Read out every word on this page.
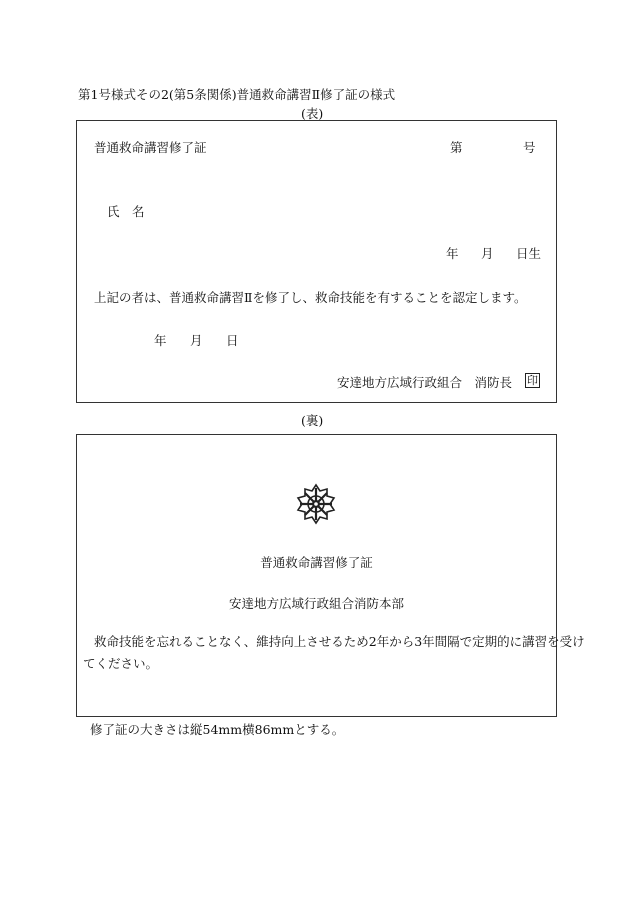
第1号様式その2(第5条関係)普通救命講習Ⅱ修了証の様式
(表)
普通救命講習修了証	第	号
氏　名
年 月 日生
上記の者は、普通救命講習Ⅱを修了し、救命技能を有することを認定します。
年 月 日
安達地方広域行政組合　消防長 印
(裏)
普通救命講習修了証
安達地方広域行政組合消防本部
救命技能を忘れることなく、維持向上させるため2年から3年間隔で定期的に講習を受け
てください。
修了証の大きさは縦54mm横86mmとする。
